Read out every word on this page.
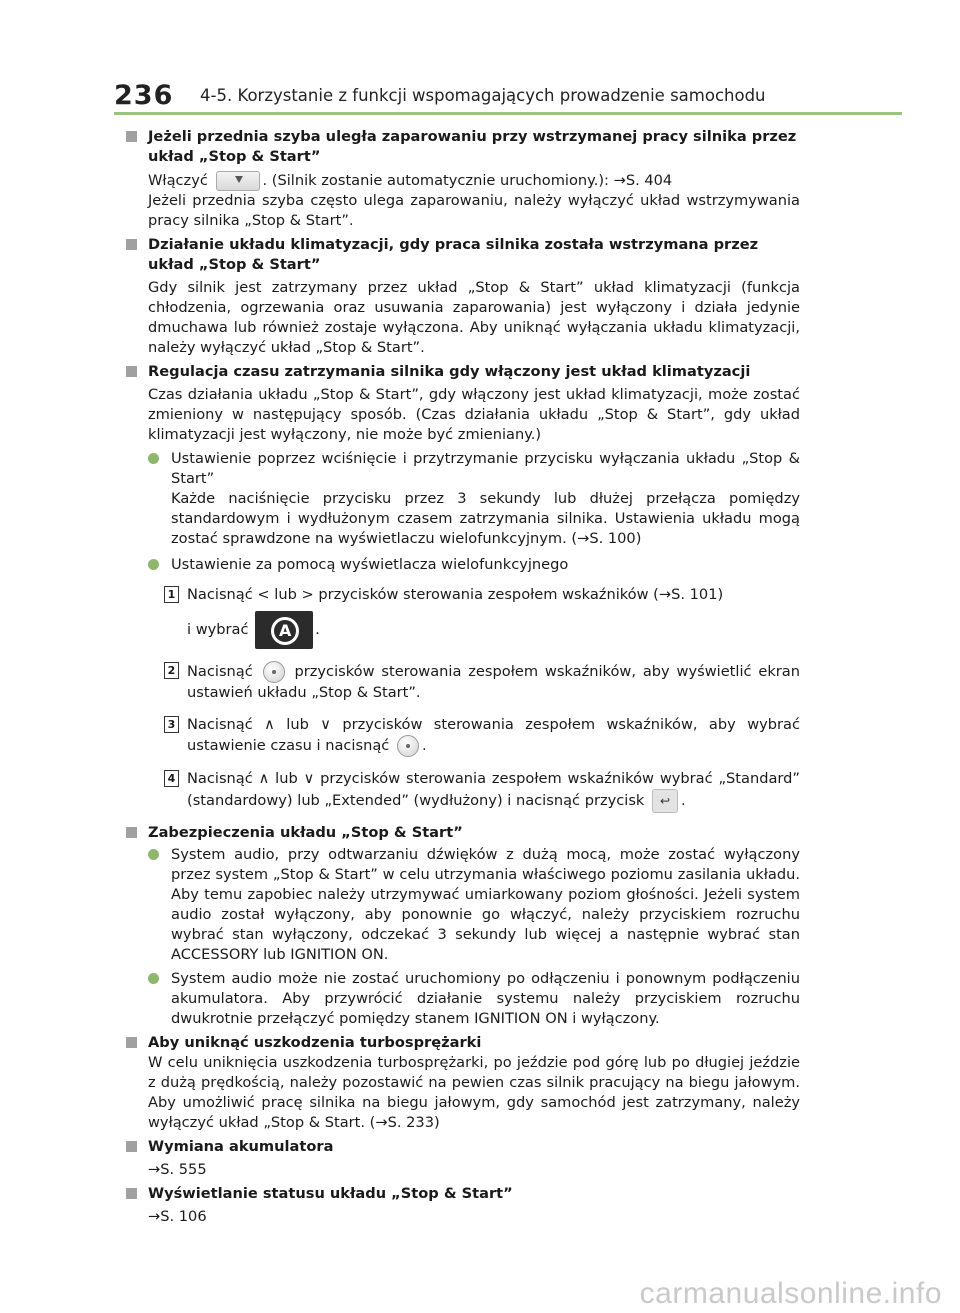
236 4-5. Korzystanie z funkcji wspomagających prowadzenie samochodu
Jeżeli przednia szyba uległa zaparowaniu przy wstrzymanej pracy silnika przez układ „Stop & Start”
Włączyć	. (Silnik zostanie automatycznie uruchomiony.): →S. 404
Jeżeli przednia szyba często ulega zaparowaniu, należy wyłączyć układ wstrzymywania pracy silnika „Stop & Start”.
Działanie układu klimatyzacji, gdy praca silnika została wstrzymana przez układ „Stop & Start”
Gdy silnik jest zatrzymany przez układ „Stop & Start” układ klimatyzacji (funkcja chłodzenia, ogrzewania oraz usuwania zaparowania) jest wyłączony i działa jedynie dmuchawa lub również zostaje wyłączona. Aby uniknąć wyłączania układu klimatyzacji, należy wyłączyć układ „Stop & Start”.
Regulacja czasu zatrzymania silnika gdy włączony jest układ klimatyzacji
Czas działania układu „Stop & Start”, gdy włączony jest układ klimatyzacji, może zostać zmieniony w następujący sposób. (Czas działania układu „Stop & Start”, gdy układ klimatyzacji jest wyłączony, nie może być zmieniany.)
Ustawienie poprzez wciśnięcie i przytrzymanie przycisku wyłączania układu „Stop & Start”
Każde naciśnięcie przycisku przez 3 sekundy lub dłużej przełącza pomiędzy standardowym i wydłużonym czasem zatrzymania silnika. Ustawienia układu mogą zostać sprawdzone na wyświetlaczu wielofunkcyjnym. (→S. 100)
Ustawienie za pomocą wyświetlacza wielofunkcyjnego
1 Nacisnąć < lub > przycisków sterowania zespołem wskaźników (→S. 101)
i wybrać	A	.
2 Nacisnąć	przycisków sterowania zespołem wskaźników, aby wyświetlić ekran ustawień układu „Stop & Start”.
3 Nacisnąć ∧ lub ∨ przycisków sterowania zespołem wskaźników, aby wybrać ustawienie czasu i nacisnąć .
4 Nacisnąć ∧ lub ∨ przycisków sterowania zespołem wskaźników wybrać „Standard” (standardowy) lub „Extended” (wydłużony) i nacisnąć przycisk ↩ .
Zabezpieczenia układu „Stop & Start”
System audio, przy odtwarzaniu dźwięków z dużą mocą, może zostać wyłączony przez system „Stop & Start” w celu utrzymania właściwego poziomu zasilania układu. Aby temu zapobiec należy utrzymywać umiarkowany poziom głośności. Jeżeli system audio został wyłączony, aby ponownie go włączyć, należy przyciskiem rozruchu wybrać stan wyłączony, odczekać 3 sekundy lub więcej a następnie wybrać stan ACCESSORY lub IGNITION ON.
System audio może nie zostać uruchomiony po odłączeniu i ponownym podłączeniu akumulatora. Aby przywrócić działanie systemu należy przyciskiem rozruchu dwukrotnie przełączyć pomiędzy stanem IGNITION ON i wyłączony.
Aby uniknąć uszkodzenia turbosprężarki
W celu uniknięcia uszkodzenia turbosprężarki, po jeździe pod górę lub po długiej jeździe z dużą prędkością, należy pozostawić na pewien czas silnik pracujący na biegu jałowym. Aby umożliwić pracę silnika na biegu jałowym, gdy samochód jest zatrzymany, należy wyłączyć układ „Stop & Start. (→S. 233)
Wymiana akumulatora
→S. 555
Wyświetlanie statusu układu „Stop & Start”
→S. 106
carmanualsonline.info
